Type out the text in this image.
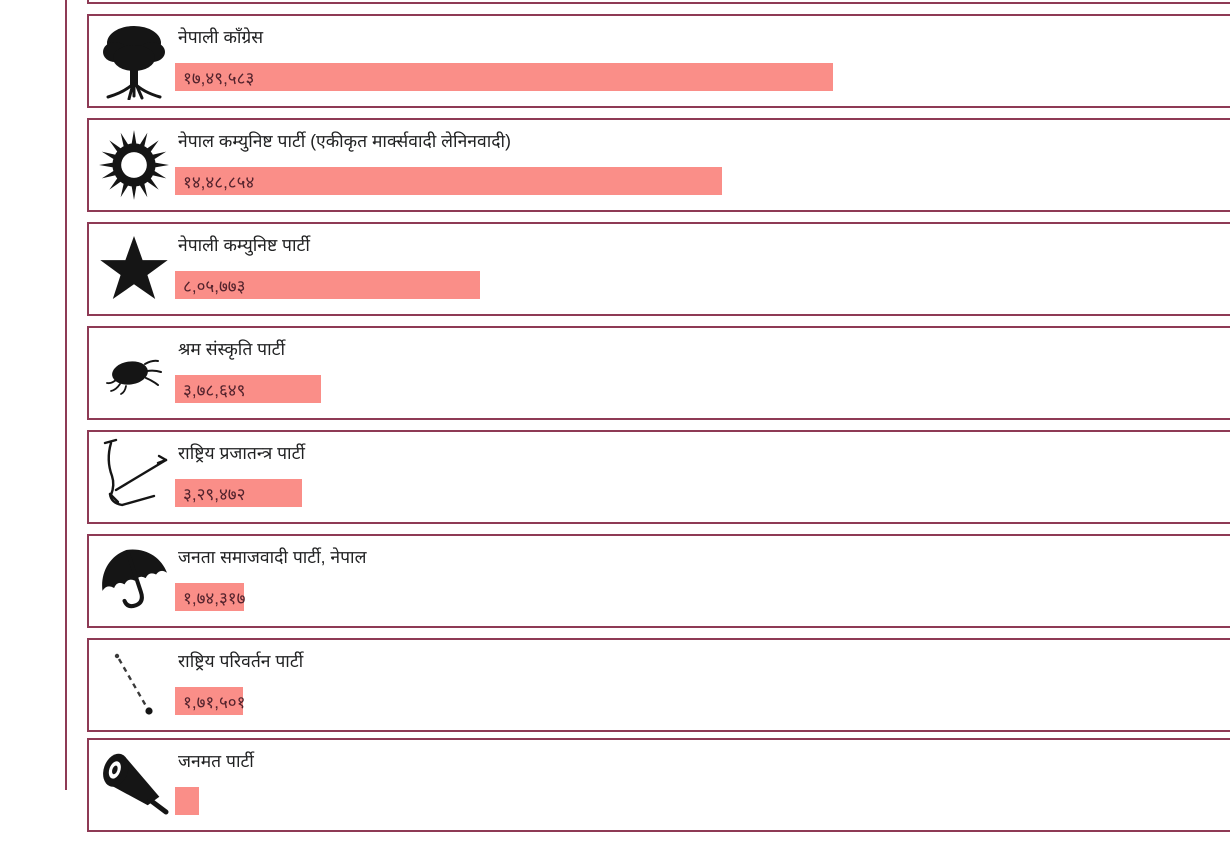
नेपाली काँग्रेस
१७,४९,५८३
नेपाल कम्युनिष्ट पार्टी (एकीकृत मार्क्सवादी लेनिनवादी)
१४,४८,८५४
नेपाली कम्युनिष्ट पार्टी
८,०५,७७३
श्रम संस्कृति पार्टी
३,७८,६४९
राष्ट्रिय प्रजातन्त्र पार्टी
३,२९,४७२
जनता समाजवादी पार्टी, नेपाल
१,७४,३१७
राष्ट्रिय परिवर्तन पार्टी
१,७१,५०१
जनमत पार्टी
